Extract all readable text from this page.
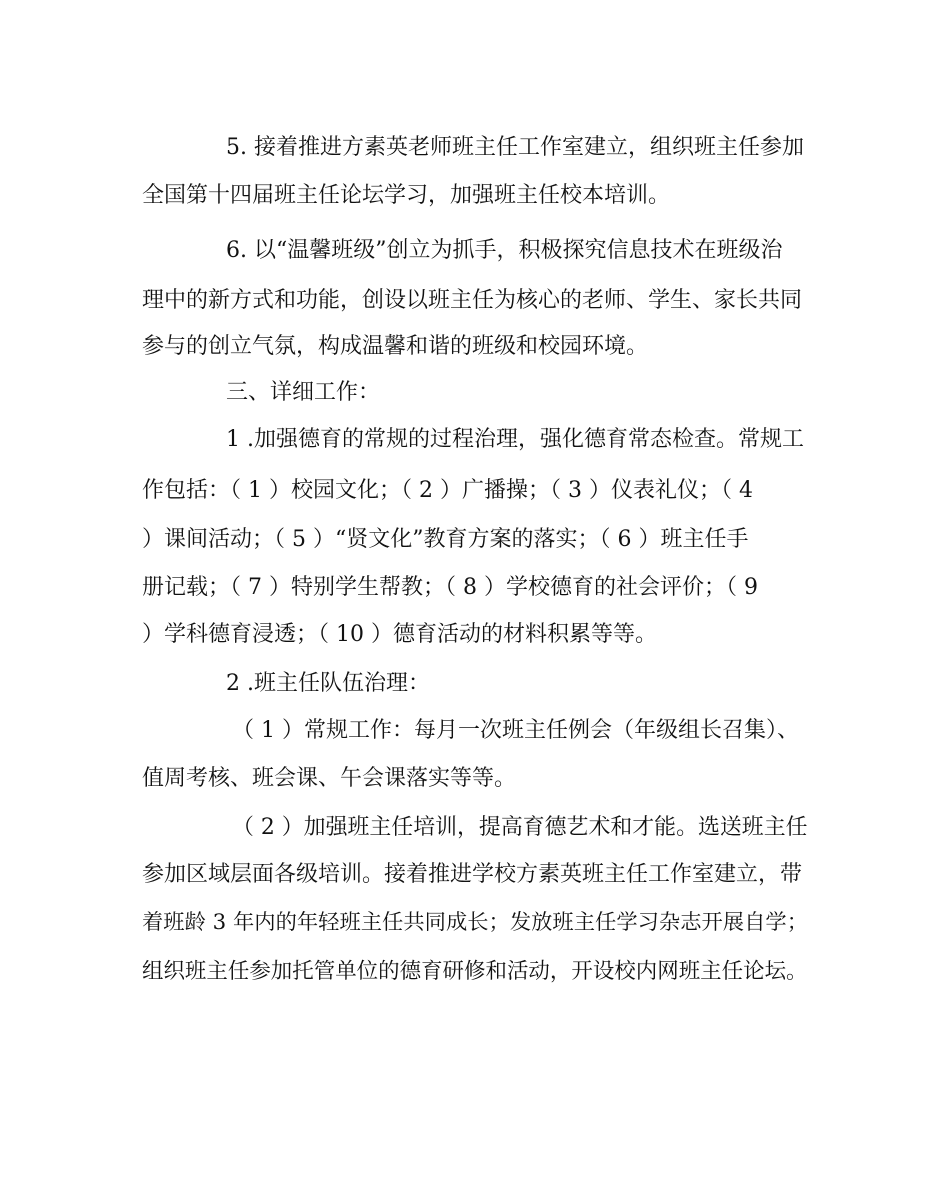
5. 接着推进方素英老师班主任工作室建立，组织班主任参加

全国第十四届班主任论坛学习，加强班主任校本培训。

6. 以“温馨班级”创立为抓手，积极探究信息技术在班级治

理中的新方式和功能，创设以班主任为核心的老师、学生、家长共同

参与的创立气氛，构成温馨和谐的班级和校园环境。

三、详细工作：

1 .加强德育的常规的过程治理，强化德育常态检查。常规工

作包括：（ 1 ）校园文化；（ 2 ）广播操；（ 3 ）仪表礼仪；（ 4

）课间活动；（ 5 ）“贤文化”教育方案的落实；（ 6 ）班主任手

册记载；（ 7 ）特别学生帮教；（ 8 ）学校德育的社会评价；（ 9

）学科德育浸透；（ 10 ）德育活动的材料积累等等。

2 .班主任队伍治理：

（ 1 ）常规工作：每月一次班主任例会（年级组长召集）、

值周考核、班会课、午会课落实等等。

（ 2 ）加强班主任培训，提高育德艺术和才能。选送班主任

参加区域层面各级培训。接着推进学校方素英班主任工作室建立，带

着班龄 3 年内的年轻班主任共同成长；发放班主任学习杂志开展自学；

组织班主任参加托管单位的德育研修和活动，开设校内网班主任论坛。
